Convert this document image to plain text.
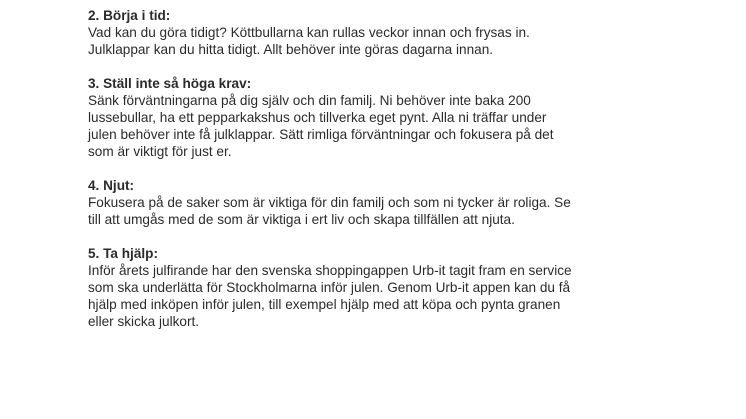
2. Börja i tid:

Vad kan du göra tidigt? Köttbullarna kan rullas veckor innan och frysas in.
Julklappar kan du hitta tidigt. Allt behöver inte göras dagarna innan.

3. Ställ inte så höga krav:

Sänk förväntningarna på dig själv och din familj. Ni behöver inte baka 200
lussebullar, ha ett pepparkakshus och tillverka eget pynt. Alla ni träffar under
julen behöver inte få julklappar. Sätt rimliga förväntningar och fokusera på det
som är viktigt för just er.

4. Njut:

Fokusera på de saker som är viktiga för din familj och som ni tycker är roliga. Se
till att umgås med de som är viktiga i ert liv och skapa tillfällen att njuta.

5. Ta hjälp:

Inför årets julfirande har den svenska shoppingappen Urb-it tagit fram en service
som ska underlätta för Stockholmarna inför julen. Genom Urb-it appen kan du få
hjälp med inköpen inför julen, till exempel hjälp med att köpa och pynta granen
eller skicka julkort.
